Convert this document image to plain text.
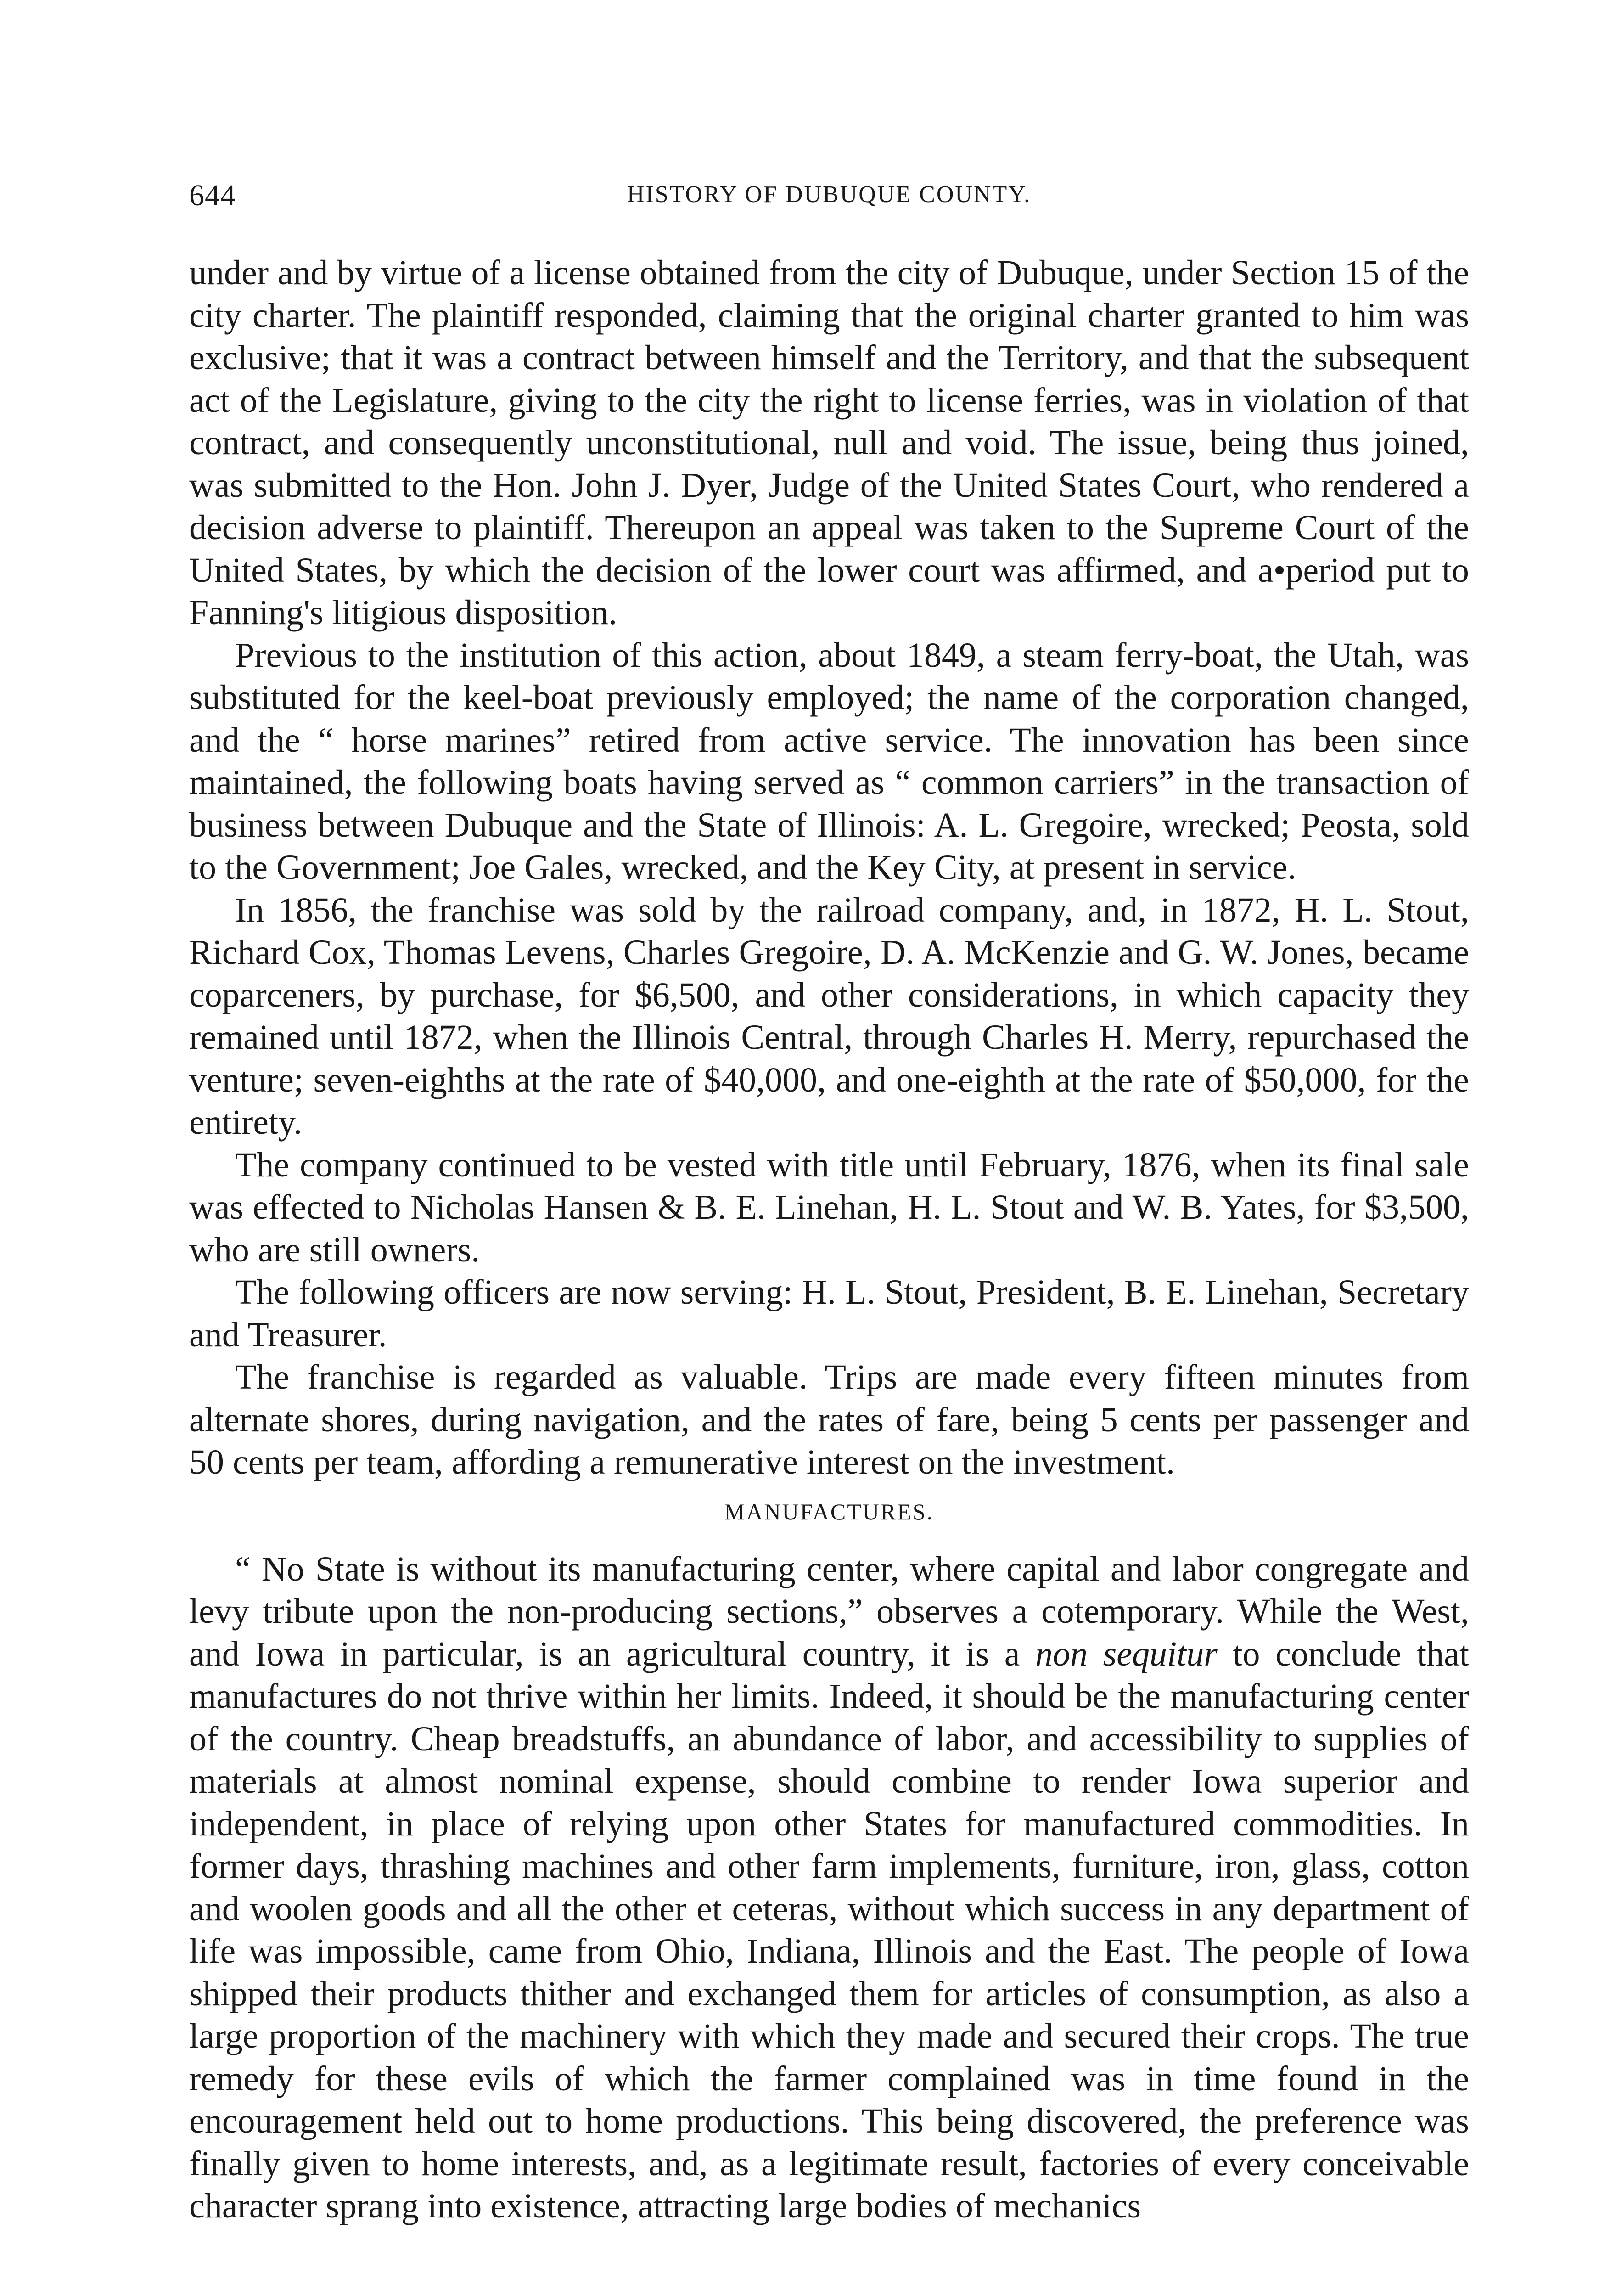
644	HISTORY OF DUBUQUE COUNTY.

under and by virtue of a license obtained from the city of Dubuque, under Section 15 of the city charter. The plaintiff responded, claiming that the original charter granted to him was exclusive; that it was a contract between himself and the Territory, and that the subsequent act of the Legislature, giving to the city the right to license ferries, was in violation of that contract, and consequently unconstitutional, null and void. The issue, being thus joined, was submitted to the Hon. John J. Dyer, Judge of the United States Court, who rendered a decision adverse to plaintiff. Thereupon an appeal was taken to the Supreme Court of the United States, by which the decision of the lower court was affirmed, and a•period put to Fanning's litigious disposition.

Previous to the institution of this action, about 1849, a steam ferry-boat, the Utah, was substituted for the keel-boat previously employed; the name of the corporation changed, and the “ horse marines” retired from active service. The innovation has been since maintained, the following boats having served as “ common carriers” in the transaction of business between Dubuque and the State of Illinois: A. L. Gregoire, wrecked; Peosta, sold to the Government; Joe Gales, wrecked, and the Key City, at present in service.

In 1856, the franchise was sold by the railroad company, and, in 1872, H. L. Stout, Richard Cox, Thomas Levens, Charles Gregoire, D. A. McKenzie and G. W. Jones, became coparceners, by purchase, for $6,500, and other considerations, in which capacity they remained until 1872, when the Illinois Central, through Charles H. Merry, repurchased the venture; seven-eighths at the rate of $40,000, and one-eighth at the rate of $50,000, for the entirety.

The company continued to be vested with title until February, 1876, when its final sale was effected to Nicholas Hansen & B. E. Linehan, H. L. Stout and W. B. Yates, for $3,500, who are still owners.

The following officers are now serving: H. L. Stout, President, B. E. Linehan, Secretary and Treasurer.

The franchise is regarded as valuable. Trips are made every fifteen minutes from alternate shores, during navigation, and the rates of fare, being 5 cents per passenger and 50 cents per team, affording a remunerative interest on the investment.

MANUFACTURES.

“ No State is without its manufacturing center, where capital and labor congregate and levy tribute upon the non-producing sections,” observes a cotemporary. While the West, and Iowa in particular, is an agricultural country, it is a non sequitur to conclude that manufactures do not thrive within her limits. Indeed, it should be the manufacturing center of the country. Cheap breadstuffs, an abundance of labor, and accessibility to supplies of materials at almost nominal expense, should combine to render Iowa superior and independent, in place of relying upon other States for manufactured commodities. In former days, thrashing machines and other farm implements, furniture, iron, glass, cotton and woolen goods and all the other et ceteras, without which success in any department of life was impossible, came from Ohio, Indiana, Illinois and the East. The people of Iowa shipped their products thither and exchanged them for articles of consumption, as also a large proportion of the machinery with which they made and secured their crops. The true remedy for these evils of which the farmer complained was in time found in the encouragement held out to home productions. This being discovered, the preference was finally given to home interests, and, as a legitimate result, factories of every conceivable character sprang into existence, attracting large bodies of mechanics
